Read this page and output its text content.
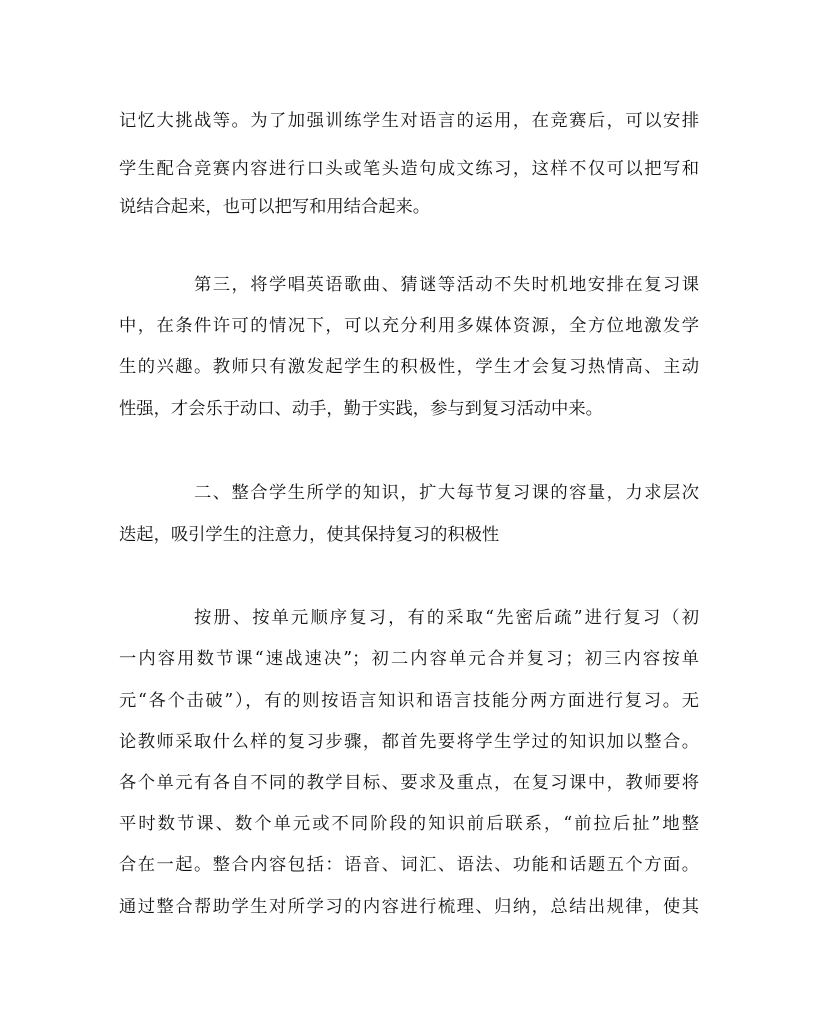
记忆大挑战等。为了加强训练学生对语言的运用，在竞赛后，可以安排
学生配合竞赛内容进行口头或笔头造句成文练习，这样不仅可以把写和
说结合起来，也可以把写和用结合起来。
第三，将学唱英语歌曲、猜谜等活动不失时机地安排在复习课
中，在条件许可的情况下，可以充分利用多媒体资源，全方位地激发学
生的兴趣。教师只有激发起学生的积极性，学生才会复习热情高、主动
性强，才会乐于动口、动手，勤于实践，参与到复习活动中来。
二、整合学生所学的知识，扩大每节复习课的容量，力求层次
迭起，吸引学生的注意力，使其保持复习的积极性
按册、按单元顺序复习，有的采取“先密后疏”进行复习（初
一内容用数节课“速战速决”；初二内容单元合并复习；初三内容按单
元“各个击破”），有的则按语言知识和语言技能分两方面进行复习。无
论教师采取什么样的复习步骤，都首先要将学生学过的知识加以整合。
各个单元有各自不同的教学目标、要求及重点，在复习课中，教师要将
平时数节课、数个单元或不同阶段的知识前后联系，“前拉后扯”地整
合在一起。整合内容包括：语音、词汇、语法、功能和话题五个方面。
通过整合帮助学生对所学习的内容进行梳理、归纳，总结出规律，使其
